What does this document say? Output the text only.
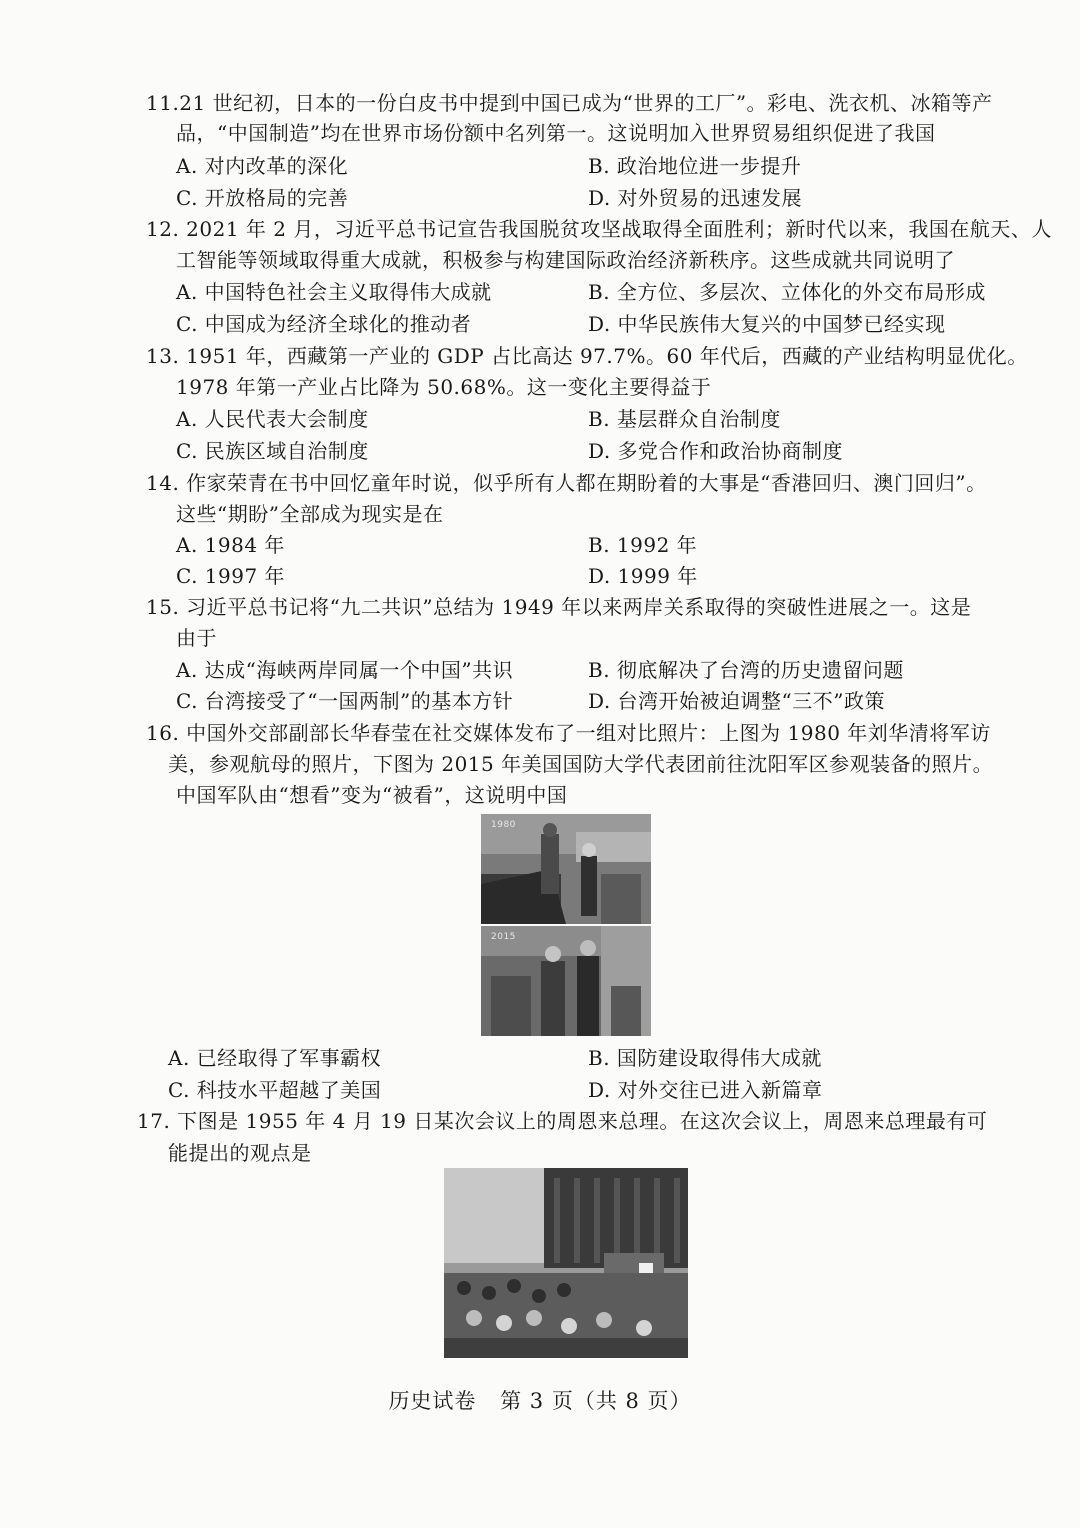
11.21 世纪初，日本的一份白皮书中提到中国已成为“世界的工厂”。彩电、洗衣机、冰箱等产
品，“中国制造”均在世界市场份额中名列第一。这说明加入世界贸易组织促进了我国
A. 对内改革的深化	B. 政治地位进一步提升
C. 开放格局的完善	D. 对外贸易的迅速发展
12. 2021 年 2 月，习近平总书记宣告我国脱贫攻坚战取得全面胜利；新时代以来，我国在航天、人
工智能等领域取得重大成就，积极参与构建国际政治经济新秩序。这些成就共同说明了
A. 中国特色社会主义取得伟大成就	B. 全方位、多层次、立体化的外交布局形成
C. 中国成为经济全球化的推动者	D. 中华民族伟大复兴的中国梦已经实现
13. 1951 年，西藏第一产业的 GDP 占比高达 97.7%。60 年代后，西藏的产业结构明显优化。
1978 年第一产业占比降为 50.68%。这一变化主要得益于
A. 人民代表大会制度	B. 基层群众自治制度
C. 民族区域自治制度	D. 多党合作和政治协商制度
14. 作家荣青在书中回忆童年时说，似乎所有人都在期盼着的大事是“香港回归、澳门回归”。
这些“期盼”全部成为现实是在
A. 1984 年	B. 1992 年
C. 1997 年	D. 1999 年
15. 习近平总书记将“九二共识”总结为 1949 年以来两岸关系取得的突破性进展之一。这是
由于
A. 达成“海峡两岸同属一个中国”共识	B. 彻底解决了台湾的历史遗留问题
C. 台湾接受了“一国两制”的基本方针	D. 台湾开始被迫调整“三不”政策
16. 中国外交部副部长华春莹在社交媒体发布了一组对比照片：上图为 1980 年刘华清将军访
美，参观航母的照片，下图为 2015 年美国国防大学代表团前往沈阳军区参观装备的照片。
中国军队由“想看”变为“被看”，这说明中国
1980
2015
A. 已经取得了军事霸权	B. 国防建设取得伟大成就
C. 科技水平超越了美国	D. 对外交往已进入新篇章
17. 下图是 1955 年 4 月 19 日某次会议上的周恩来总理。在这次会议上，周恩来总理最有可
能提出的观点是
历史试卷 第 3 页（共 8 页）
